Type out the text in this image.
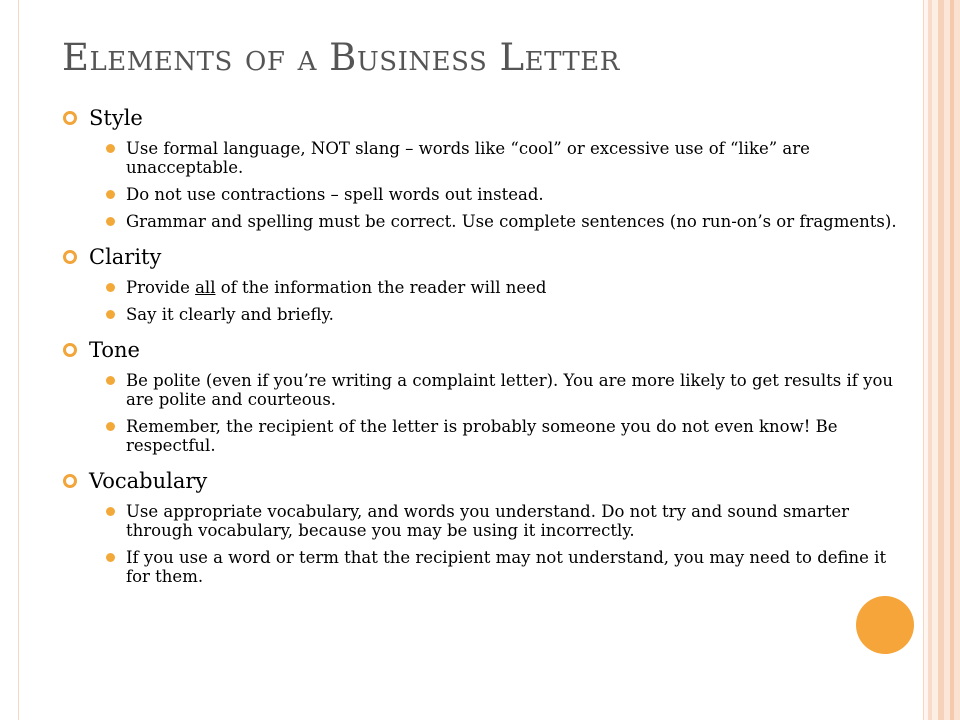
Elements of a Business Letter
Style
Use formal language, NOT slang – words like “cool” or excessive use of “like” are unacceptable.
Do not use contractions – spell words out instead.
Grammar and spelling must be correct. Use complete sentences (no run-on’s or fragments).
Clarity
Provide all of the information the reader will need
Say it clearly and briefly.
Tone
Be polite (even if you’re writing a complaint letter). You are more likely to get results if you are polite and courteous.
Remember, the recipient of the letter is probably someone you do not even know! Be respectful.
Vocabulary
Use appropriate vocabulary, and words you understand. Do not try and sound smarter through vocabulary, because you may be using it incorrectly.
If you use a word or term that the recipient may not understand, you may need to define it for them.
